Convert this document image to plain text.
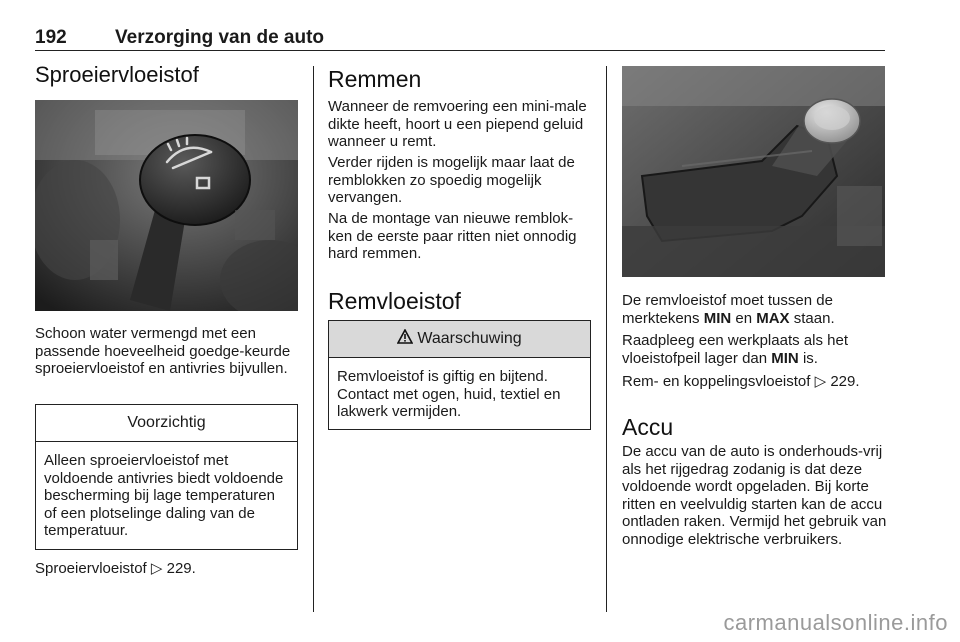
192	Verzorging van de auto
Sproeiervloeistof

Schoon water vermengd met een passende hoeveelheid goedge-keurde sproeiervloeistof en antivries bijvullen.

Voorzichtig
Alleen sproeiervloeistof met voldoende antivries biedt voldoende bescherming bij lage temperaturen of een plotselinge daling van de temperatuur.

Sproeiervloeistof ▷ 229.

Remmen

Wanneer de remvoering een mini-male dikte heeft, hoort u een piepend geluid wanneer u remt.

Verder rijden is mogelijk maar laat de remblokken zo spoedig mogelijk vervangen.

Na de montage van nieuwe remblok-ken de eerste paar ritten niet onnodig hard remmen.

Remvloeistof
Waarschuwing
Remvloeistof is giftig en bijtend. Contact met ogen, huid, textiel en lakwerk vermijden.

De remvloeistof moet tussen de merktekens MIN en MAX staan.

Raadpleeg een werkplaats als het vloeistofpeil lager dan MIN is.

Rem- en koppelingsvloeistof ▷ 229.

Accu

De accu van de auto is onderhouds-vrij als het rijgedrag zodanig is dat deze voldoende wordt opgeladen. Bij korte ritten en veelvuldig starten kan de accu ontladen raken. Vermijd het gebruik van onnodige elektrische verbruikers.

carmanualsonline.info
